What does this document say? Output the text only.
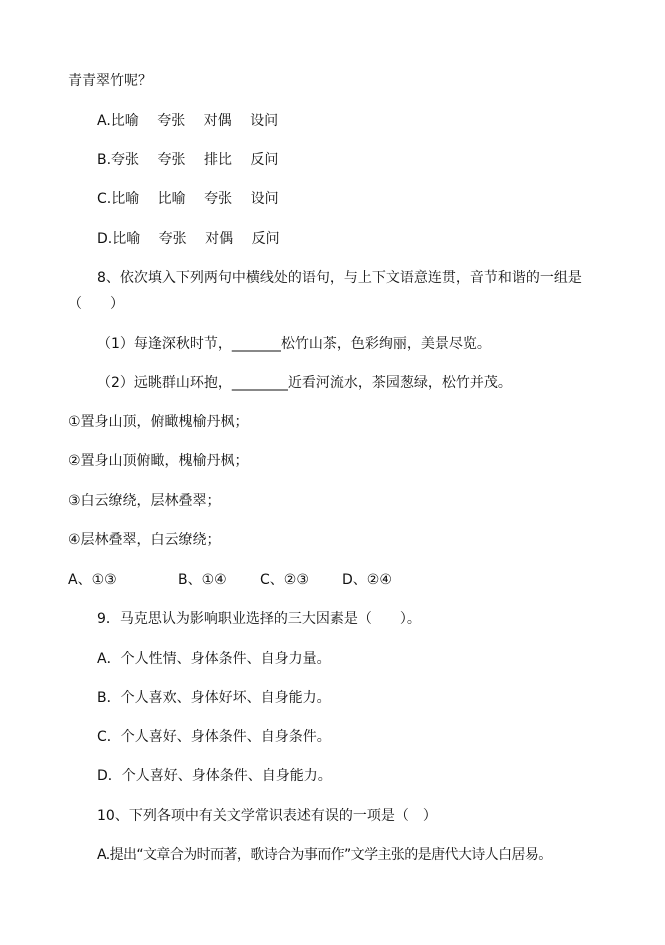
青青翠竹呢？
A.比喻　 夸张　 对偶　 设问
B.夸张　 夸张　 排比　 反问
C.比喻　 比喻　 夸张　 设问
D.比喻　 夸张　 对偶　 反问
8、依次填入下列两句中横线处的语句，与上下文语意连贯，音节和谐的一组是
（　　）
（1）每逢深秋时节，_______松竹山茶，色彩绚丽，美景尽览。
（2）远眺群山环抱，________近看河流水，茶园葱绿，松竹并茂。
①置身山顶，俯瞰槐榆丹枫；
②置身山顶俯瞰，槐榆丹枫；
③白云缭绕，层林叠翠；
④层林叠翠，白云缭绕；
A、①③	B、①④ C、②③ D、②④
9．马克思认为影响职业选择的三大因素是（　　）。
A．个人性情、身体条件、自身力量。
B．个人喜欢、身体好坏、自身能力。
C．个人喜好、身体条件、自身条件。
D．个人喜好、身体条件、自身能力。
10、下列各项中有关文学常识表述有误的一项是（　）
A.提出“文章合为时而著，歌诗合为事而作”文学主张的是唐代大诗人白居易。
